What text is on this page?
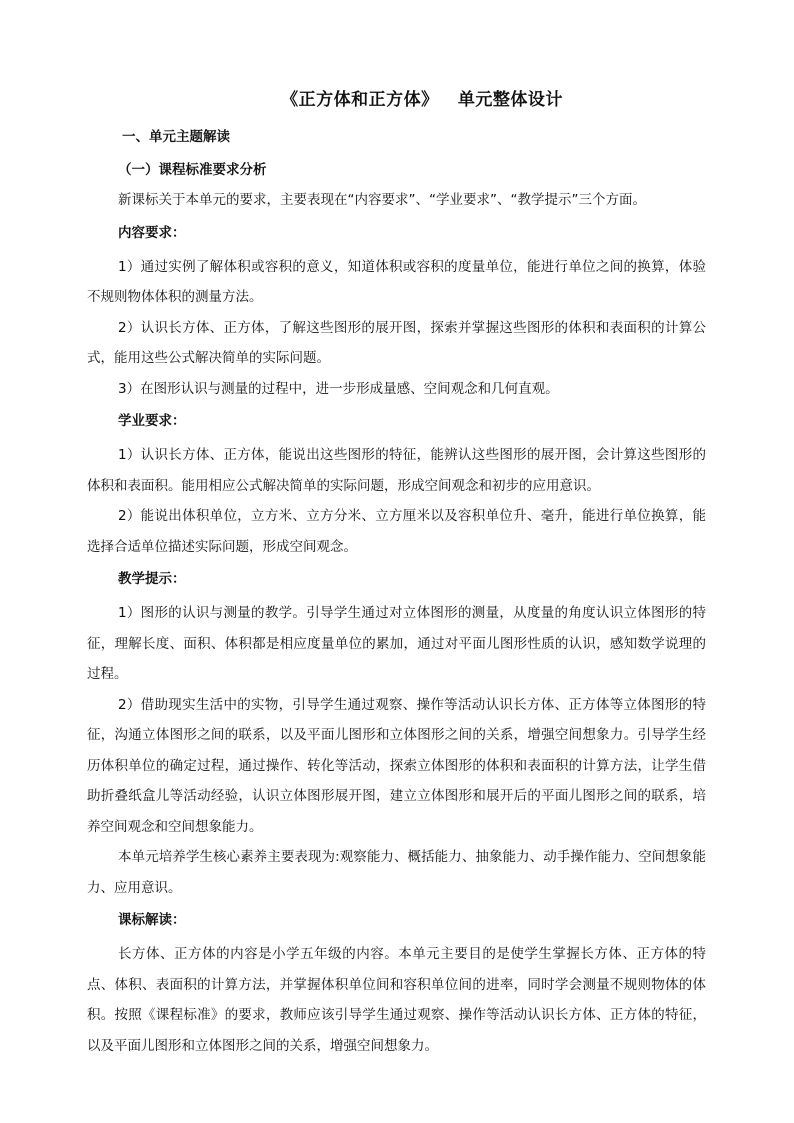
《正方体和正方体》   单元整体设计
一、单元主题解读
（一）课程标准要求分析

新课标关于本单元的要求，主要表现在“内容要求”、“学业要求”、“教学提示”三个方面。

内容要求：

1）通过实例了解体积或容积的意义，知道体积或容积的度量单位，能进行单位之间的换算，体验不规则物体体积的测量方法。

2）认识长方体、正方体，了解这些图形的展开图，探索并掌握这些图形的体积和表面积的计算公式，能用这些公式解决简单的实际问题。

3）在图形认识与测量的过程中，进一步形成量感、空间观念和几何直观。

学业要求：

1）认识长方体、正方体，能说出这些图形的特征，能辨认这些图形的展开图，会计算这些图形的体积和表面积。能用相应公式解决简单的实际问题，形成空间观念和初步的应用意识。

2）能说出体积单位，立方米、立方分米、立方厘米以及容积单位升、毫升，能进行单位换算，能选择合适单位描述实际问题，形成空间观念。

教学提示：

1）图形的认识与测量的教学。引导学生通过对立体图形的测量，从度量的角度认识立体图形的特征，理解长度、面积、体积都是相应度量单位的累加，通过对平面儿图形性质的认识，感知数学说理的过程。

2）借助现实生活中的实物，引导学生通过观察、操作等活动认识长方体、正方体等立体图形的特征，沟通立体图形之间的联系，以及平面儿图形和立体图形之间的关系，增强空间想象力。引导学生经历体积单位的确定过程，通过操作、转化等活动，探索立体图形的体积和表面积的计算方法，让学生借助折叠纸盒儿等活动经验，认识立体图形展开图，建立立体图形和展开后的平面儿图形之间的联系，培养空间观念和空间想象能力。

本单元培养学生核心素养主要表现为:观察能力、概括能力、抽象能力、动手操作能力、空间想象能力、应用意识。

课标解读：

长方体、正方体的内容是小学五年级的内容。本单元主要目的是使学生掌握长方体、正方体的特点、体积、表面积的计算方法，并掌握体积单位间和容积单位间的进率，同时学会测量不规则物体的体积。按照《课程标准》的要求，教师应该引导学生通过观察、操作等活动认识长方体、正方体的特征，以及平面儿图形和立体图形之间的关系，增强空间想象力。
